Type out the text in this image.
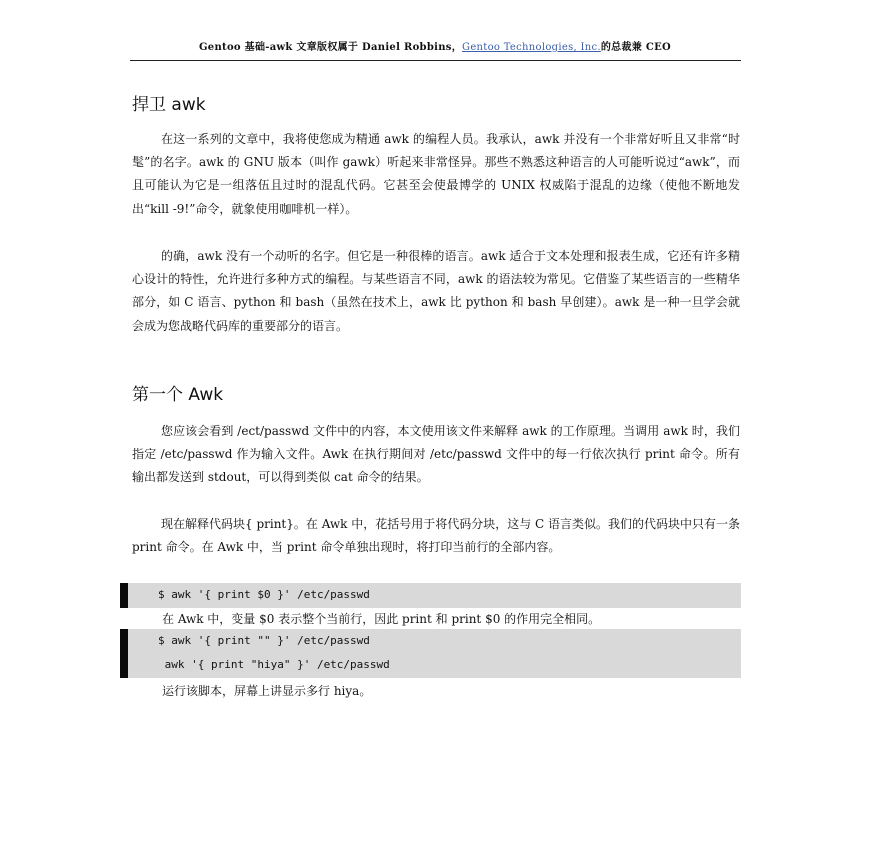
Gentoo 基础-awk 文章版权属于 Daniel Robbins，Gentoo Technologies, Inc.的总裁兼 CEO
捍卫 awk

在这一系列的文章中，我将使您成为精通 awk 的编程人员。我承认，awk 并没有一个非常好听且又非常“时髦”的名字。awk 的 GNU 版本（叫作 gawk）听起来非常怪异。那些不熟悉这种语言的人可能听说过“awk”，而且可能认为它是一组落伍且过时的混乱代码。它甚至会使最博学的 UNIX 权威陷于混乱的边缘（使他不断地发出“kill -9!”命令，就象使用咖啡机一样）。

的确，awk 没有一个动听的名字。但它是一种很棒的语言。awk 适合于文本处理和报表生成，它还有许多精心设计的特性，允许进行多种方式的编程。与某些语言不同，awk 的语法较为常见。它借鉴了某些语言的一些精华部分，如 C 语言、python 和 bash（虽然在技术上，awk 比 python 和 bash 早创建）。awk 是一种一旦学会就会成为您战略代码库的重要部分的语言。

第一个 Awk

您应该会看到 /ect/passwd 文件中的内容，本文使用该文件来解释 awk 的工作原理。当调用 awk 时，我们指定 /etc/passwd 作为输入文件。Awk 在执行期间对 /etc/passwd 文件中的每一行依次执行 print 命令。所有输出都发送到 stdout，可以得到类似 cat 命令的结果。

现在解释代码块{ print}。在 Awk 中，花括号用于将代码分块，这与 C 语言类似。我们的代码块中只有一条 print 命令。在 Awk 中，当 print 命令单独出现时，将打印当前行的全部内容。

$ awk '{ print $0 }' /etc/passwd

在 Awk 中，变量 $0 表示整个当前行，因此 print 和 print $0 的作用完全相同。

$ awk '{ print "" }' /etc/passwd
awk '{ print "hiya" }' /etc/passwd

运行该脚本，屏幕上讲显示多行 hiya。
